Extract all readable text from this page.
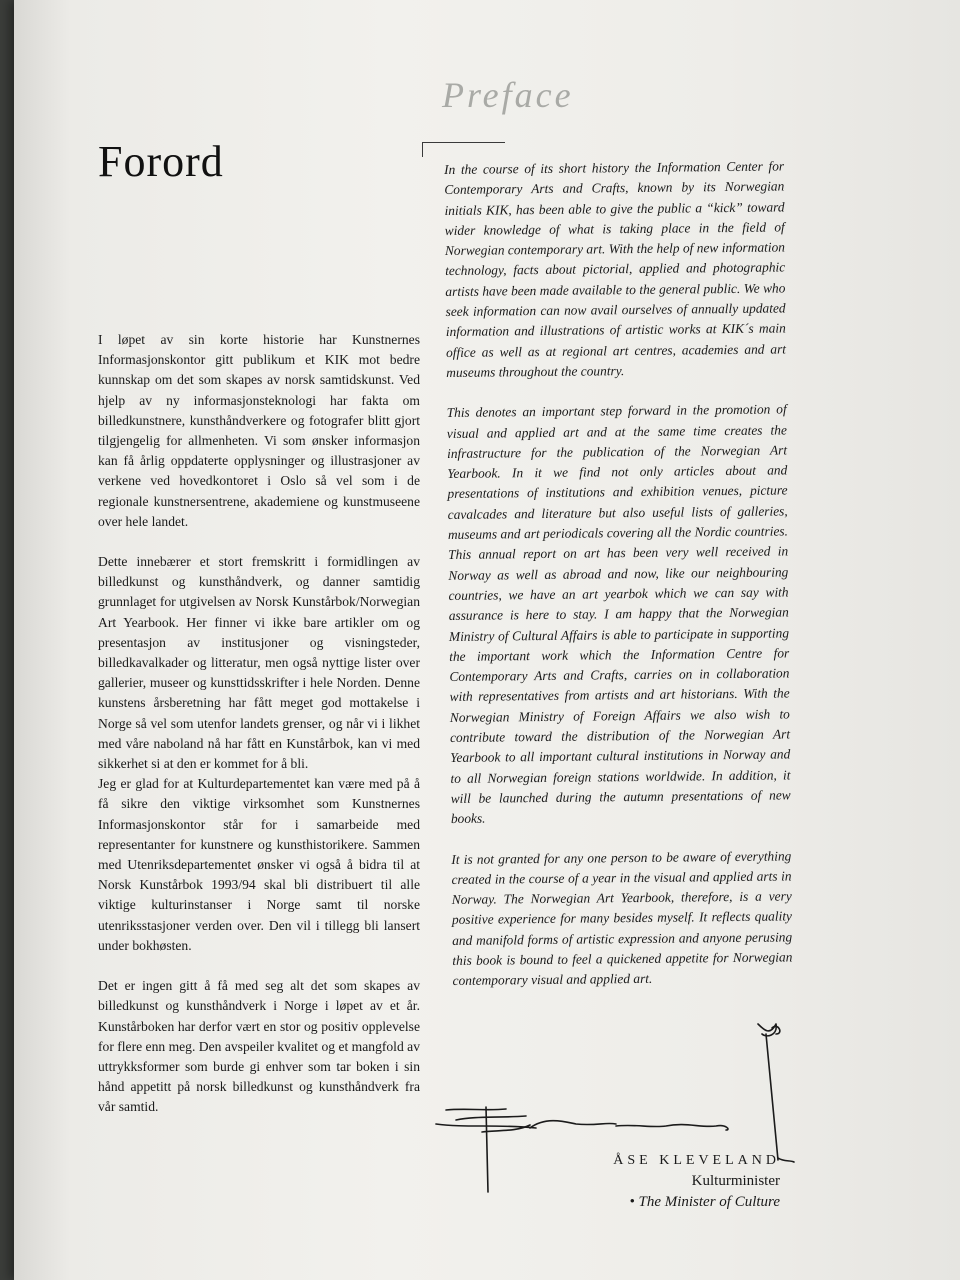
Preface
Forord	In the course of its short history the Information Center for Contemporary Arts and Crafts, known by its Norwegian initials KIK, has been able to give the public a “kick” toward wider knowledge of what is taking place in the field of Norwegian contemporary art. With the help of new information technology, facts about pictorial, applied and photographic artists have been made available to the general public. We who seek information can now avail ourselves of annually updated information and illustrations of artistic works at KIK´s main office as well as at regional art centres, academies and art museums throughout the country.

This denotes an important step forward in the promotion of visual and applied art and at the same time creates the infrastructure for the publication of the Norwegian Art Yearbook. In it we find not only articles about and presentations of institutions and exhibition venues, picture cavalcades and literature but also useful lists of galleries, museums and art periodicals covering all the Nordic countries. This annual report on art has been very well received in Norway as well as abroad and now, like our neighbouring countries, we have an art yearbok which we can say with assurance is here to stay. I am happy that the Norwegian Ministry of Cultural Affairs is able to participate in supporting the important work which the Information Centre for Contemporary Arts and Crafts, carries on in collaboration with representatives from artists and art historians. With the Norwegian Ministry of Foreign Affairs we also wish to contribute toward the distribution of the Norwegian Art Yearbook to all important cultural institutions in Norway and to all Norwegian foreign stations worldwide. In addition, it will be launched during the autumn presentations of new books.

It is not granted for any one person to be aware of everything created in the course of a year in the visual and applied arts in Norway. The Norwegian Art Yearbook, therefore, is a very positive experience for many besides myself. It reflects quality and manifold forms of artistic expression and anyone perusing this book is bound to feel a quickened appetite for Norwegian contemporary visual and applied art.

I løpet av sin korte historie har Kunstnernes Informasjonskontor gitt publikum et KIK mot bedre kunnskap om det som skapes av norsk samtidskunst. Ved hjelp av ny informasjonsteknologi har fakta om billedkunstnere, kunsthåndverkere og fotografer blitt gjort tilgjengelig for allmenheten. Vi som ønsker informasjon kan få årlig oppdaterte opplysninger og illustrasjoner av verkene ved hovedkontoret i Oslo så vel som i de regionale kunstnersentrene, akademiene og kunstmuseene over hele landet.

Dette innebærer et stort fremskritt i formidlingen av billedkunst og kunsthåndverk, og danner samtidig grunnlaget for utgivelsen av Norsk Kunstårbok/Norwegian Art Yearbook. Her finner vi ikke bare artikler om og presentasjon av institusjoner og visningsteder, billedkavalkader og litteratur, men også nyttige lister over gallerier, museer og kunsttidsskrifter i hele Norden. Denne kunstens årsberetning har fått meget god mottakelse i Norge så vel som utenfor landets grenser, og når vi i likhet med våre naboland nå har fått en Kunstårbok, kan vi med sikkerhet si at den er kommet for å bli.

Jeg er glad for at Kulturdepartementet kan være med på å få sikre den viktige virksomhet som Kunstnernes Informasjonskontor står for i samarbeide med representanter for kunstnere og kunsthistorikere. Sammen med Utenriksdepartementet ønsker vi også å bidra til at Norsk Kunstårbok 1993/94 skal bli distribuert til alle viktige kulturinstanser i Norge samt til norske utenriksstasjoner verden over. Den vil i tillegg bli lansert under bokhøsten.

Det er ingen gitt å få med seg alt det som skapes av billedkunst og kunsthåndverk i Norge i løpet av et år. Kunstårboken har derfor vært en stor og positiv opplevelse for flere enn meg. Den avspeiler kvalitet og et mangfold av uttrykksformer som burde gi enhver som tar boken i sin hånd appetitt på norsk billedkunst og kunsthåndverk fra vår samtid.

ÅSE KLEVELAND
Kulturminister
• The Minister of Culture
